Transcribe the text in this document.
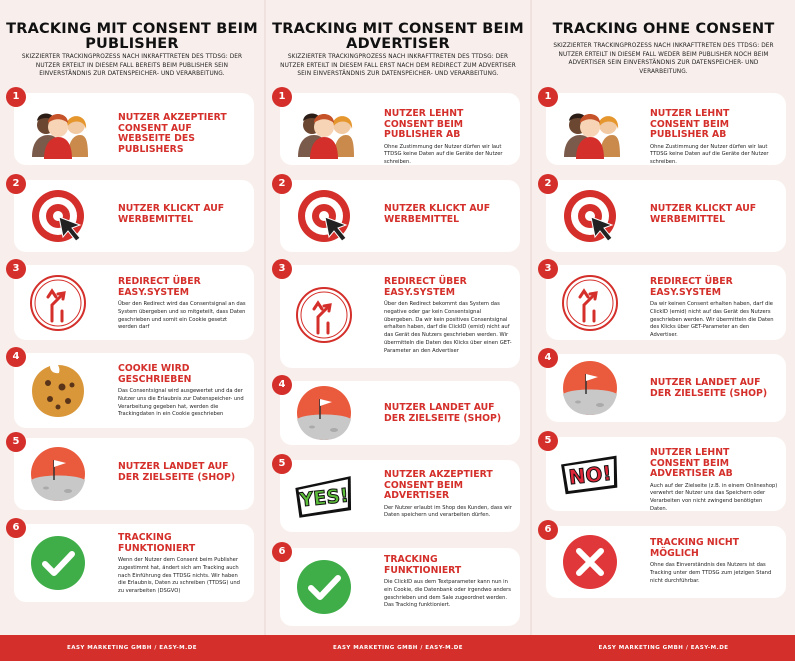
TRACKING MIT CONSENT BEIM PUBLISHER
SKIZZIERTER TRACKINGPROZESS NACH INKRAFTTRETEN DES TTDSG: DER NUTZER ERTEILT IN DIESEM FALL BEREITS BEIM PUBLISHER SEIN EINVERSTÄNDNIS ZUR DATENSPEICHER- UND VERARBEITUNG.
1
NUTZER AKZEPTIERT CONSENT AUF WEBSEITE DES PUBLISHERS
2
NUTZER KLICKT AUF WERBEMITTEL
3
REDIRECT ÜBER EASY.SYSTEM
Über den Redirect wird das Consentsignal an das System übergeben und so mitgeteilt, dass Daten geschrieben und somit ein Cookie gesetzt werden darf
4
COOKIE WIRD GESCHRIEBEN
Das Consentsignal wird ausgewertet und da der Nutzer uns die Erlaubnis zur Datenspeicher- und Verarbeitung gegeben hat, werden die Trackingdaten in ein Cookie geschrieben
5
NUTZER LANDET AUF DER ZIELSEITE (SHOP)
6
TRACKING FUNKTIONIERT
Wenn der Nutzer dem Consent beim Publisher zugestimmt hat, ändert sich am Tracking auch nach Einführung des TTDSG nichts. Wir haben die Erlaubnis, Daten zu schreiben (TTDSG) und zu verarbeiten (DSGVO)
TRACKING MIT CONSENT BEIM ADVERTISER
SKIZZIERTER TRACKINGPROZESS NACH INKRAFTTRETEN DES TTDSG: DER NUTZER ERTEILT IN DIESEM FALL ERST NACH DEM REDIRECT ZUM ADVERTISER SEIN EINVERSTÄNDNIS ZUR DATENSPEICHER- UND VERARBEITUNG.
1
NUTZER LEHNT CONSENT BEIM PUBLISHER AB
Ohne Zustimmung der Nutzer dürfen wir laut TTDSG keine Daten auf die Geräte der Nutzer schreiben.
2
NUTZER KLICKT AUF WERBEMITTEL
3
REDIRECT ÜBER EASY.SYSTEM
Über den Redirect bekommt das System das negative oder gar kein Consentsignal übergeben. Da wir kein positives Consentsignal erhalten haben, darf die ClickID (emid) nicht auf das Gerät des Nutzers geschrieben werden. Wir übermitteln die Daten des Klicks über einen GET-Parameter an den Advertiser
4
NUTZER LANDET AUF DER ZIELSEITE (SHOP)
5
YES!
NUTZER AKZEPTIERT CONSENT BEIM ADVERTISER
Der Nutzer erlaubt im Shop des Kunden, dass wir Daten speichern und verarbeiten dürfen.
6
TRACKING FUNKTIONIERT
Die ClickID aus dem Textparameter kann nun in ein Cookie, die Datenbank oder irgendwo anders geschrieben und dem Sale zugeordnet werden. Das Tracking funktioniert.
TRACKING OHNE CONSENT
SKIZZIERTER TRACKINGPROZESS NACH INKRAFTTRETEN DES TTDSG: DER NUTZER ERTEILT IN DIESEM FALL WEDER BEIM PUBLISHER NOCH BEIM ADVERTISER SEIN EINVERSTÄNDNIS ZUR DATENSPEICHER- UND VERARBEITUNG.
1
NUTZER LEHNT CONSENT BEIM PUBLISHER AB
Ohne Zustimmung der Nutzer dürfen wir laut TTDSG keine Daten auf die Geräte der Nutzer schreiben.
2
NUTZER KLICKT AUF WERBEMITTEL
3
REDIRECT ÜBER EASY.SYSTEM
Da wir keinen Consent erhalten haben, darf die ClickID (emid) nicht auf das Gerät des Nutzers geschrieben werden. Wir übermitteln die Daten des Klicks über GET-Parameter an den Advertiser.
4
NUTZER LANDET AUF DER ZIELSEITE (SHOP)
5
NO!
NUTZER LEHNT CONSENT BEIM ADVERTISER AB
Auch auf der Zielseite (z.B. in einem Onlineshop) verwehrt der Nutzer uns das Speichern oder Verarbeiten von nicht zwingend benötigten Daten.
6
TRACKING NICHT MÖGLICH
Ohne das Einverständnis des Nutzers ist das Tracking unter dem TTDSG zum jetzigen Stand nicht durchführbar.
EASY MARKETING GMBH / EASY-M.DE	EASY MARKETING GMBH / EASY-M.DE	EASY MARKETING GMBH / EASY-M.DE
